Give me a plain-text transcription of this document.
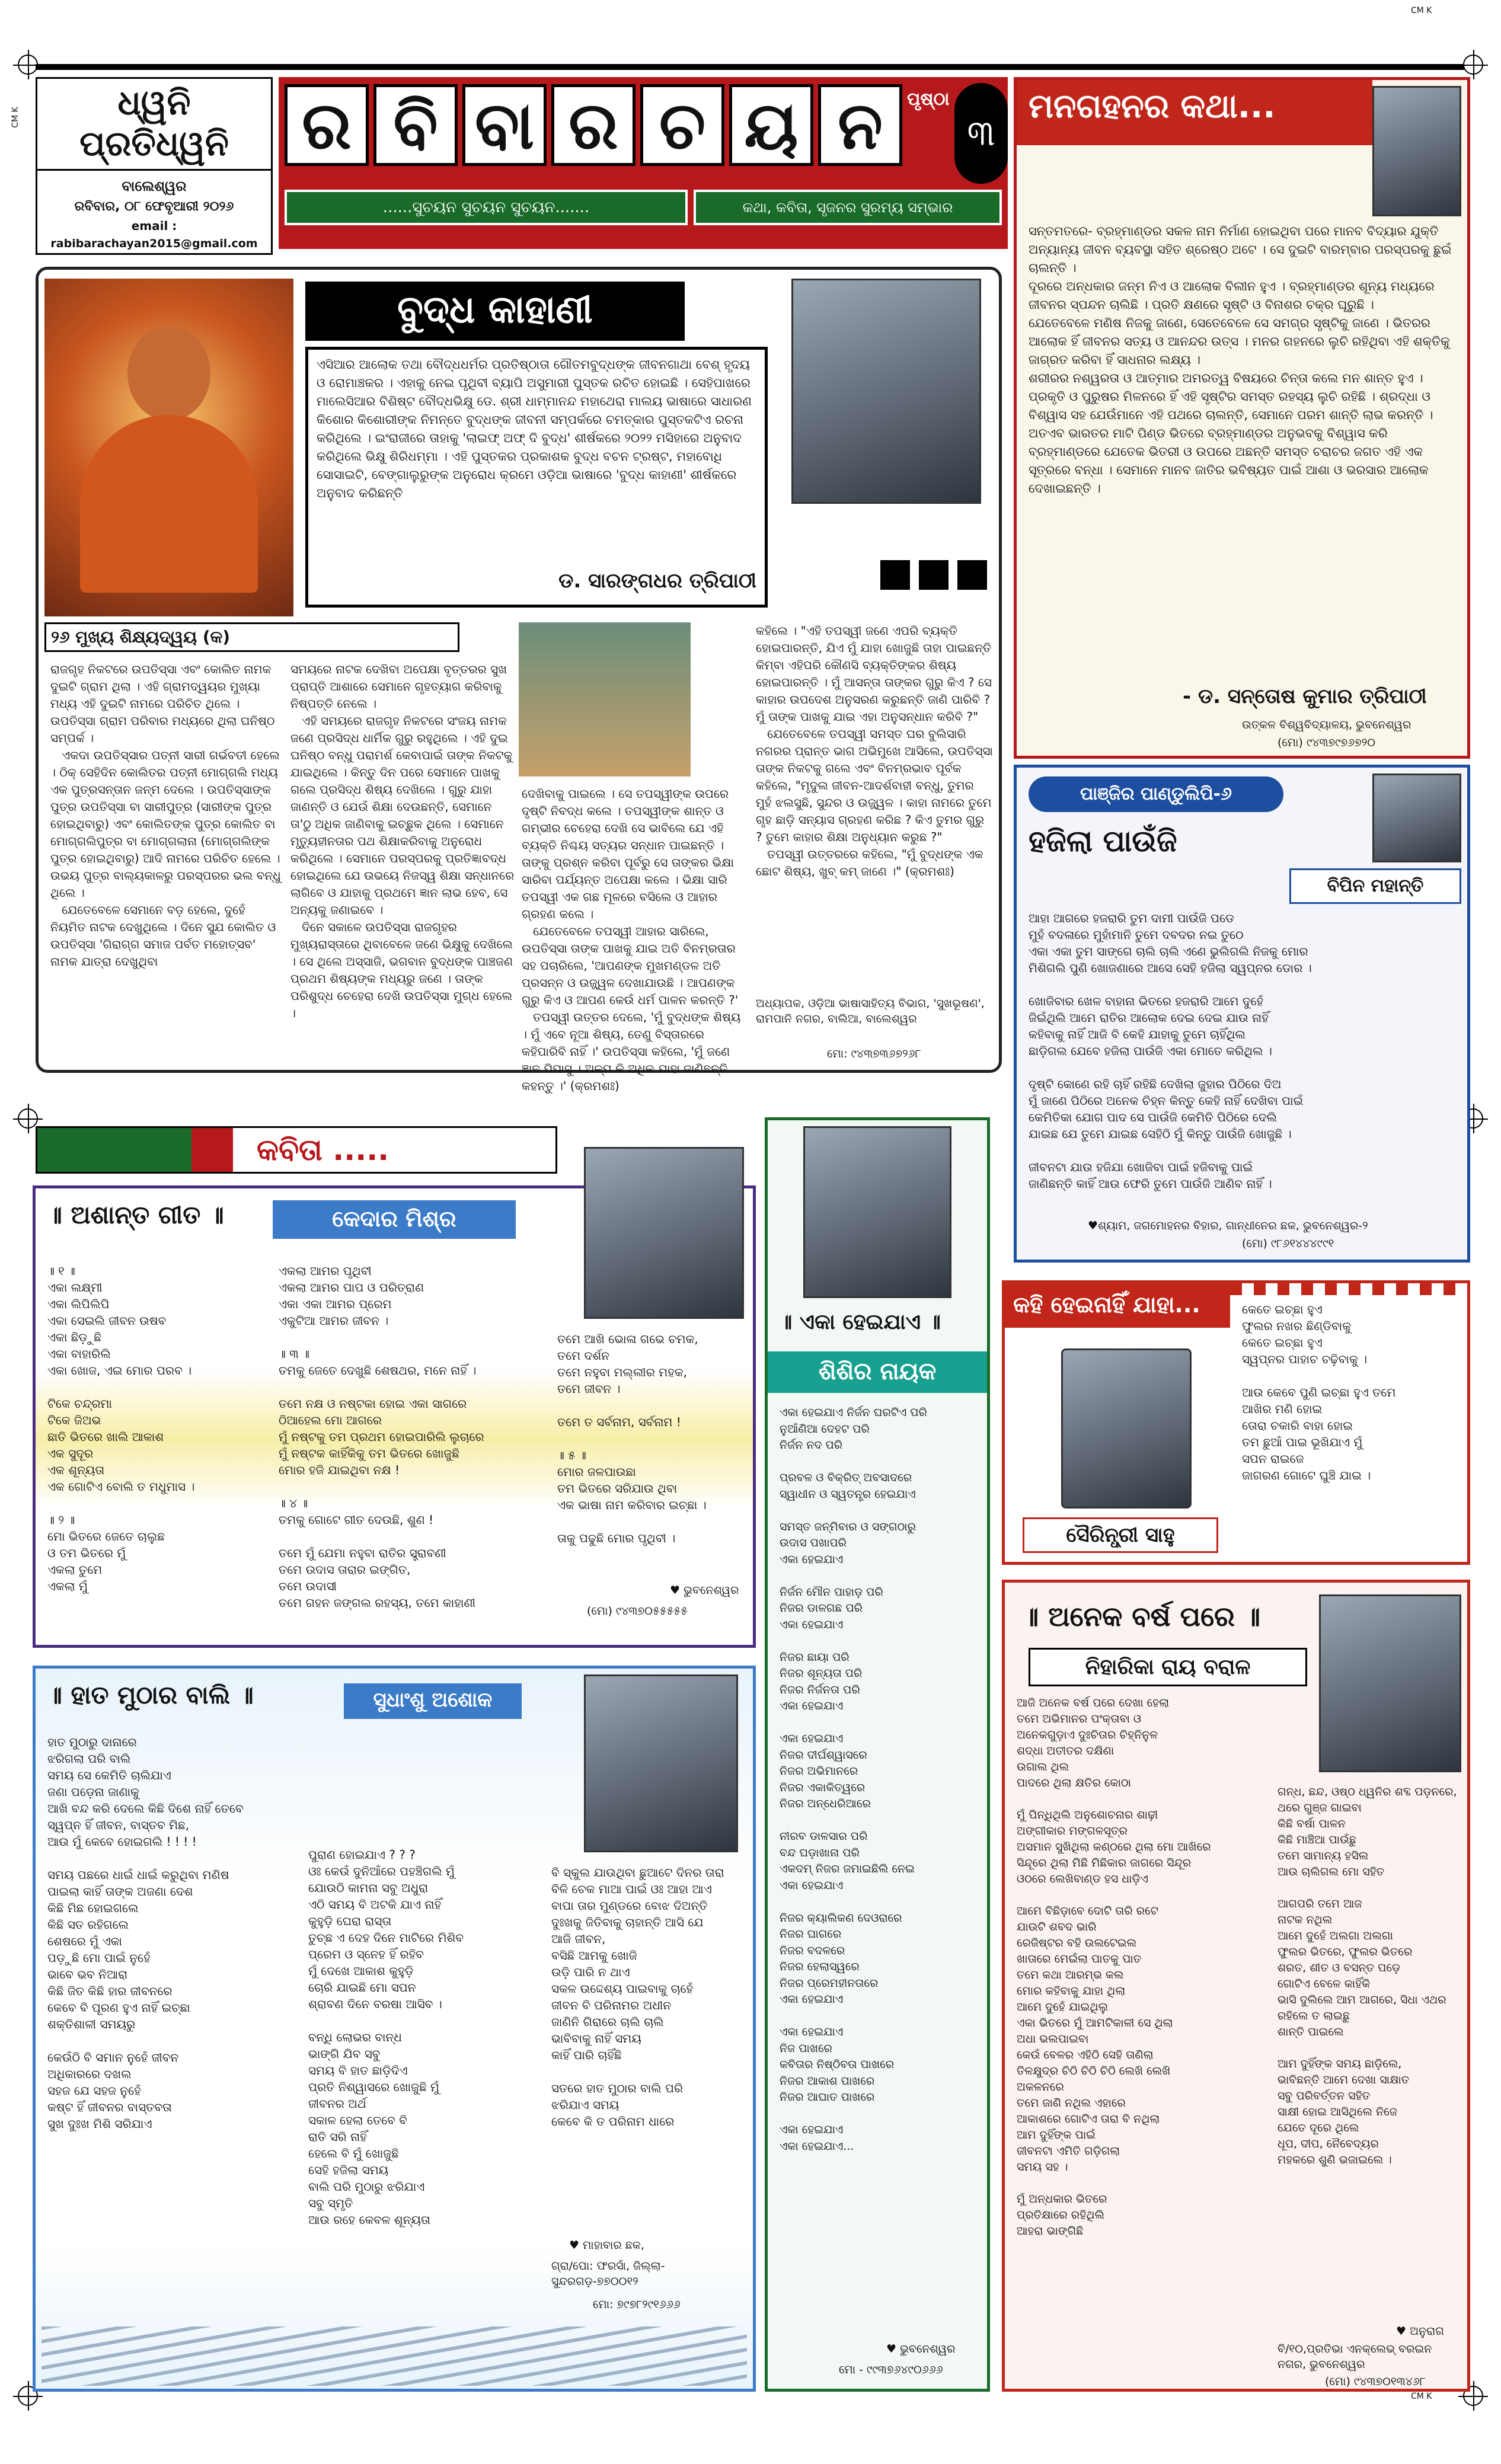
CM K
CM K
CM K
ଧ୍ୱନି ପ୍ରତିଧ୍ୱନି
ବାଲେଶ୍ୱର
ରବିବାର, ୦୮ ଫେବୃଆରୀ ୨୦୨୬
email :
rabibarachayan2015@gmail.com
ର ବି ବା ର ଚ ୟ ନ
......ସୁଚୟନ ସୁଚୟନ ସୁଚୟନ.......	କଥା, କବିତା, ସୃଜନର ସୁରମ୍ୟ ସମ୍ଭାର
ପୃଷ୍ଠା
୩
ମନଗହନର କଥା...
ସନ୍ତମତରେ- ବ୍ରହ୍ମାଣ୍ଡର ସକଳ ନାମ ନିର୍ମାଣ ହୋଇଥିବା ପରେ ମାନବ ବିଦ୍ୟାର ଯୁକ୍ତି ଅନ୍ୟାନ୍ୟ ଜୀବନ ବ୍ୟବସ୍ଥା ସହିତ ଶ୍ରେଷ୍ଠ ଅଟେ । ସେ ଦୁଇଟି ବାରମ୍ବାର ପରସ୍ପରକୁ ଛୁଇଁ ଚାଲନ୍ତି ।
ଦୂରରେ ଅନ୍ଧକାର ଜନ୍ମ ନିଏ ଓ ଆଲୋକ ବିଲୀନ ହୁଏ । ବ୍ରହ୍ମାଣ୍ଡର ଶୂନ୍ୟ ମଧ୍ୟରେ ଜୀବନର ସ୍ପନ୍ଦନ ଚାଲିଛି । ପ୍ରତି କ୍ଷଣରେ ସୃଷ୍ଟି ଓ ବିନାଶର ଚକ୍ର ଘୂରୁଛି ।
ଯେତେବେଳେ ମଣିଷ ନିଜକୁ ଜାଣେ, ସେତେବେଳେ ସେ ସମଗ୍ର ସୃଷ୍ଟିକୁ ଜାଣେ । ଭିତରର ଆଲୋକ ହିଁ ଜୀବନର ସତ୍ୟ ଓ ଆନନ୍ଦର ଉତ୍ସ । ମନର ଗହନରେ ଲୁଚି ରହିଥିବା ଏହି ଶକ୍ତିକୁ ଜାଗ୍ରତ କରିବା ହିଁ ସାଧନାର ଲକ୍ଷ୍ୟ ।
ଶରୀରର ନଶ୍ୱରତା ଓ ଆତ୍ମାର ଅମରତ୍ୱ ବିଷୟରେ ଚିନ୍ତା କଲେ ମନ ଶାନ୍ତ ହୁଏ । ପ୍ରକୃତି ଓ ପୁରୁଷର ମିଳନରେ ହିଁ ଏହି ସୃଷ୍ଟିର ସମସ୍ତ ରହସ୍ୟ ଲୁଚି ରହିଛି । ଶ୍ରଦ୍ଧା ଓ ବିଶ୍ୱାସ ସହ ଯେଉଁମାନେ ଏହି ପଥରେ ଚାଲନ୍ତି, ସେମାନେ ପରମ ଶାନ୍ତି ଲାଭ କରନ୍ତି ।
ଅତଏବ ଭାରତର ମାଟି ପିଣ୍ଡ ଭିତରେ ବ୍ରହ୍ମାଣ୍ଡର ଅନୁଭବକୁ ବିଶ୍ୱାସ କରି ବ୍ରହ୍ମାଣ୍ଡରେ ଯେତେକ ଭିତରୀ ଓ ଉପରେ ଅଛନ୍ତି ସମସ୍ତ ଚରାଚର ଜଗତ ଏହି ଏକ ସୂତ୍ରରେ ବନ୍ଧା । ସେମାନେ ମାନବ ଜାତିର ଭବିଷ୍ୟତ ପାଇଁ ଆଶା ଓ ଭରସାର ଆଲୋକ ଦେଖାଇଛନ୍ତି ।
- ଡ. ସନ୍ତୋଷ କୁମାର ତ୍ରିପାଠୀ
ଉତ୍କଳ ବିଶ୍ୱବିଦ୍ୟାଳୟ, ଭୁବନେଶ୍ୱର
(ମୋ) ୯୪୩୭୯୭୬୭୨୦
ବୁଦ୍ଧ କାହାଣୀ
ଏସିଆର ଆଲୋକ ତଥା ବୌଦ୍ଧଧର୍ମର ପ୍ରତିଷ୍ଠାତା ଗୌତମବୁଦ୍ଧଙ୍କ ଜୀବନଗାଥା ବେଶ୍ ହୃଦୟ ଓ ରୋମାଞ୍ଚକର । ଏହାକୁ ନେଇ ପୃଥିବୀ ବ୍ୟାପି ଅସୁମାରୀ ପୁସ୍ତକ ରଚିତ ହୋଇଛି । ସେହିପାଖରେ ମାଲେସିଆର ବିଶିଷ୍ଟ ବୌଦ୍ଧଭିକ୍ଷୁ ଡେ. ଶ୍ରୀ ଧାମ୍ମାନନ୍ଦ ମହାଥେରା ମାଲୟ ଭାଷାରେ ସାଧାରଣ କିଶୋର କିଶୋରୀଙ୍କ ନିମନ୍ତେ ବୁଦ୍ଧଙ୍କ ଜୀବନୀ ସମ୍ପର୍କରେ ଚମତ୍କାର ପୁସ୍ତକଟିଏ ରଚନା କରିଥିଲେ । ଇଂରାଜୀରେ ତାହାକୁ 'ଲାଇଫ୍ ଅଫ୍ ଦି ବୁଦ୍ଧ' ଶୀର୍ଷକରେ ୨୦୨୨ ମସିହାରେ ଅନୁବାଦ କରିଥିଲେ ଭିକ୍ଷୁ ଶିରିଧମ୍ମା । ଏହି ପୁସ୍ତକର ପ୍ରକାଶକ ବୁଦ୍ଧ ବଚନ ଟ୍ରଷ୍ଟ, ମହାବୋଧି ସୋସାଇଟି, ବେଙ୍ଗାଲୁରୁଙ୍କ ଅନୁରୋଧ କ୍ରମେ ଓଡ଼ିଆ ଭାଷାରେ 'ବୁଦ୍ଧ କାହାଣୀ' ଶୀର୍ଷକରେ ଅନୁବାଦ କରିଛନ୍ତି
ଡ. ସାରଙ୍ଗଧର ତ୍ରିପାଠୀ
୨୬ ମୁଖ୍ୟ ଶିକ୍ଷ୍ୟଦ୍ୱୟ (କ)
ରାଜଗୃହ ନିକଟରେ ଉପତିସ୍ସା ଏବଂ କୋଲିତ ନାମକ ଦୁଇଟି ଗ୍ରାମ ଥିଲା । ଏହି ଗ୍ରାମଦ୍ୱୟର ମୁଖ୍ୟା ମଧ୍ୟ ଏହି ଦୁଇଟି ନାମରେ ପରିଚିତ ଥିଲେ । ଉପତିସ୍ସା ଗ୍ରାମ ପରିବାର ମଧ୍ୟରେ ଥିଲା ଘନିଷ୍ଠ ସମ୍ପର୍କ ।
ଏକଦା ଉପତିସ୍ସାର ପତ୍ନୀ ସାରୀ ଗର୍ଭବତୀ ହେଲେ । ଠିକ୍ ସେହିଦିନ କୋଲିତର ପତ୍ନୀ ମୋଗ୍ଗଲି ମଧ୍ୟ ଏକ ପୁତ୍ରସନ୍ତାନ ଜନ୍ମ ଦେଲେ । ଉପତିସ୍ସାଙ୍କ ପୁତ୍ର ଉପତିସ୍ସା ବା ସାରୀପୁତ୍ର (ସାରୀଙ୍କ ପୁତ୍ର ହୋଇଥିବାରୁ) ଏବଂ କୋଲିତଙ୍କ ପୁତ୍ର କୋଲିତ ବା ମୋଗ୍ଗଲିପୁତ୍ର ବା ମୋଗ୍ଗଲାନା (ମୋଗ୍ଗଲିଙ୍କ ପୁତ୍ର ହୋଇଥିବାରୁ) ଆଦି ନାମରେ ପରିଚିତ ହେଲେ । ଉଭୟ ପୁତ୍ର ବାଲ୍ୟକାଳରୁ ପରସ୍ପରର ଭଲ ବନ୍ଧୁ ଥିଲେ ।
ଯେତେବେଳେ ସେମାନେ ବଡ଼ ହେଲେ, ଦୁହେଁ ନିୟମିତ ନାଟକ ଦେଖୁଥିଲେ । ଦିନେ ସୁଯ କୋଲିତ ଓ ଉପତିସ୍ସା 'ଗିରାଗ୍ଗ ସମାଜ ପର୍ବତ ମହୋତ୍ସବ' ନାମକ ଯାତ୍ରା ଦେଖୁଥିବା
ସମୟରେ ନାଟକ ଦେଖିବା ଅପେକ୍ଷା ବୃତ୍ତରର ସୁଖ ପ୍ରାପ୍ତି ଆଶାରେ ସେମାନେ ଗୃହତ୍ୟାଗ କରିବାକୁ ନିଷ୍ପତ୍ତି ନେଲେ ।
ଏହି ସମୟରେ ରାଜଗୃହ ନିକଟରେ ସଂଜୟ ନାମକ ଜଣେ ପ୍ରସିଦ୍ଧ ଧାର୍ମିକ ଗୁରୁ ରହୁଥିଲେ । ଏହି ଦୁଇ ଘନିଷ୍ଠ ବନ୍ଧୁ ପରାମର୍ଶ କେବାପାଇଁ ତାଙ୍କ ନିକଟକୁ ଯାଇଥିଲେ । କିନ୍ତୁ ଦିନ ପରେ ସେମାନେ ପାଖକୁ ଗଲେ ପ୍ରସିଦ୍ଧ ଶିଷ୍ୟ ଦେଖିଲେ । ଗୁରୁ ଯାହା ଜାଣନ୍ତି ଓ ଯେଉଁ ଶିକ୍ଷା ଦେଉଛନ୍ତି, ସେମାନେ ତା'ଠୁ ଅଧିକ ଜାଣିବାକୁ ଇଚ୍ଛୁକ ଥିଲେ । ସେମାନେ ମୃତ୍ୟୁହୀନତାର ପଥ ଶିକ୍ଷାକରିବାକୁ ଅନୁରୋଧ କରିଥିଲେ । ସେମାନେ ପରସ୍ପରକୁ ପ୍ରତିଜ୍ଞାବଦ୍ଧ ହୋଇଥିଲେ ଯେ ଉଭୟେ ନିଜସ୍ୱ ଶିକ୍ଷା ସନ୍ଧାନରେ ଲାଗିବେ ଓ ଯାହାକୁ ପ୍ରଥମେ ଜ୍ଞାନ ଲାଭ ହେବ, ସେ ଅନ୍ୟକୁ ଜଣାଇବେ ।
ଦିନେ ସକାଳେ ଉପତିସ୍ସା ରାଜଗୃହର ମୁଖ୍ୟରାସ୍ତାରେ ଥିବାବେଳେ ଜଣେ ଭିକ୍ଷୁକୁ ଦେଖିଲେ । ସେ ଥିଲେ ଅସ୍ସାଜି, ଭଗବାନ ବୁଦ୍ଧଙ୍କ ପାଞ୍ଚଜଣ ପ୍ରଥମ ଶିଷ୍ୟଙ୍କ ମଧ୍ୟରୁ ଜଣେ । ତାଙ୍କ ପରିଶୁଦ୍ଧ ଚେହେରା ଦେଖି ଉପତିସ୍ସା ମୁଗ୍ଧ ହେଲେ ।
ଦେଖିବାକୁ ପାଇଲେ । ସେ ତପସ୍ୱୀଙ୍କ ଉପରେ ଦୃଷ୍ଟି ନିବଦ୍ଧ କଲେ । ତପସ୍ୱୀଙ୍କ ଶାନ୍ତ ଓ ଗମ୍ଭୀର ଚେହେରା ଦେଖି ସେ ଭାବିଲେ ଯେ ଏହି ବ୍ୟକ୍ତି ନିଶ୍ଚୟ ସତ୍ୟର ସନ୍ଧାନ ପାଇଛନ୍ତି । ତାଙ୍କୁ ପ୍ରଶ୍ନ କରିବା ପୂର୍ବରୁ ସେ ତାଙ୍କର ଭିକ୍ଷା ସାରିବା ପର୍ଯ୍ୟନ୍ତ ଅପେକ୍ଷା କଲେ । ଭିକ୍ଷା ସାରି ତପସ୍ୱୀ ଏକ ଗଛ ମୂଳରେ ବସିଲେ ଓ ଆହାର ଗ୍ରହଣ କଲେ ।
ଯେତେବେଳେ ତପସ୍ୱୀ ଆହାର ସାରିଲେ, ଉପତିସ୍ସା ତାଙ୍କ ପାଖକୁ ଯାଇ ଅତି ବିନମ୍ରତାର ସହ ପଚାରିଲେ, 'ଆପଣଙ୍କ ମୁଖମଣ୍ଡଳ ଅତି ପ୍ରସନ୍ନ ଓ ଉଜ୍ଜ୍ୱଳ ଦେଖାଯାଉଛି । ଆପଣଙ୍କ ଗୁରୁ କିଏ ଓ ଆପଣ କେଉଁ ଧର୍ମ ପାଳନ କରନ୍ତି ?'
ତପସ୍ୱୀ ଉତ୍ତର ଦେଲେ, 'ମୁଁ ବୁଦ୍ଧଙ୍କ ଶିଷ୍ୟ । ମୁଁ ଏବେ ନୂଆ ଶିଷ୍ୟ, ତେଣୁ ବିସ୍ତାରରେ କହିପାରିବି ନାହିଁ ।' ଉପତିସ୍ସା କହିଲେ, 'ମୁଁ ଜଣେ ଜ୍ଞାନ ପିପାସୁ । ଅଳ୍ପ କି ଅଧିକ ଯାହା ଜାଣିଛନ୍ତି କହନ୍ତୁ ।' (କ୍ରମଶଃ)
କହିଲେ । "ଏହି ତପସ୍ୱୀ ଜଣେ ଏପରି ବ୍ୟକ୍ତି ହୋଇପାରନ୍ତି, ଯିଏ ମୁଁ ଯାହା ଖୋଜୁଛି ତାହା ପାଇଛନ୍ତି କିମ୍ବା ଏହିପରି କୌଣସି ବ୍ୟକ୍ତିଙ୍କର ଶିଷ୍ୟ ହୋଇପାରନ୍ତି । ମୁଁ ଆସନ୍ତା ତାଙ୍କର ଗୁରୁ କିଏ ? ସେ କାହାର ଉପଦେଶ ଅନୁସରଣ କରୁଛନ୍ତି ଜାଣି ପାରିବି ? ମୁଁ ତାଙ୍କ ପାଖକୁ ଯାଇ ଏହା ଅନୁସନ୍ଧାନ କରିବି ?"
ଯେତେବେଳେ ତପସ୍ୱୀ ସମସ୍ତ ଘର ବୁଲିସାରି ନଗରର ପ୍ରାନ୍ତ ଭାଗ ଅଭିମୁଖେ ଆସିଲେ, ଉପତିସ୍ସା ତାଙ୍କ ନିକଟକୁ ଗଲେ ଏବଂ ବିନମ୍ରଭାବ ପୂର୍ବକ କହିଲେ, "ମୃଦୁଲ ଜୀବନ-ଆଦର୍ଶବାହୀ ବନ୍ଧୁ, ତୁମର ମୁହଁ ଝଲସୁଛି, ସୁନ୍ଦର ଓ ଉଜ୍ଜ୍ୱଳ । କାହା ନାମରେ ତୁମେ ଗୃହ ଛାଡ଼ି ସନ୍ୟାସ ଗ୍ରହଣ କରିଛ ? କିଏ ତୁମର ଗୁରୁ ? ତୁମେ କାହାର ଶିକ୍ଷା ଅନୁଧ୍ୟାନ କରୁଛ ?"
ତପସ୍ୱୀ ଉତ୍ତରରେ କହିଲେ, "ମୁଁ ବୁଦ୍ଧଙ୍କ ଏକ ଛୋଟ ଶିଷ୍ୟ, ଖୁବ୍ କମ୍ ଜାଣେ ।" (କ୍ରମଶଃ)
ଅଧ୍ୟାପକ, ଓଡ଼ିଆ ଭାଷାସାହିତ୍ୟ ବିଭାଗ, 'ସୁଖଭୂଷଣ', ରାମପାନି ନଗର, ବାଲିଆ, ବାଲେଶ୍ୱର
ମୋ: ୯୪୩୭୩୬୭୨୬୮
ପାଞ୍ଜିର ପାଣ୍ଡୁଲିପି-୬
ହଜିଲା ପାଉଁଜି
ବିପିନ ମହାନ୍ତି
ଆହା ଆଗରେ ହଜରାରି ତୁମ ଦାମୀ ପାଉଁଜି ପଡେ
ମୁହଁ ବଦଳାରେ ମୁହାଁମାନି ତୁମେ ଦବଦର ନଇ ତୁଠେ
ଏକା ଏକା ତୁମ ସାଙ୍ଗେ ଚାଲି ଚାଲି ଏଣେ ଭୁଲିଗଲି ନିଜକୁ ମୋର
ମିଶିଗଲି ପୁଣି ଖୋଜଣାରେ ଆସେ ସେହି ହଜିଲା ସ୍ୱପ୍ନର ଡୋର ।

ଖୋଜିବାର ଖେଳ ବାହାନା ଭିତରେ ହଜରାରି ଆମେ ଦୁହେଁ
ଜିଇଁଥିଲି ଆମେ ରାତିର ଆଲୋକ ଦେଇ ଦେଇ ଯାଉ ନାହିଁ
କହିବାକୁ ନାହିଁ ଆଜି ବି କେହି ଯାହାକୁ ତୁମେ ଚାହିଁଥିଲ
ଛାଡ଼ିଗଲ ଯେବେ ହଜିଲା ପାଉଁଜି ଏକା ମୋତେ କରିଥିଲ ।

ଦୃଷ୍ଟି କୋଣେ ରହି ଚାହିଁ ରହିଛି ଦେଖିଲା ଜୁହାର ପିଠିରେ ଦିଅ
ମୁଁ ଜାଣେ ପିଠିରେ ଅନେକ ଚିହ୍ନ କିନ୍ତୁ କେହି ନାହିଁ ଦେଖିବା ପାଇଁ
କେମିତିକା ଯୋଗ ପାଦ ସେ ପାଉଁଜି କେମିତି ପିଠିରେ ଦେଲି
ଯାଇଛ ଯେ ତୁମେ ଯାଇଛ ସେହିଠି ମୁଁ କିନ୍ତୁ ପାଉଁଜି ଖୋଜୁଛି ।

ଜୀବନଟା ଯାଉ ହଜିଯା ଖୋଜିବା ପାଇଁ ହଜିବାକୁ ପାଇଁ
ଜାଣିଛନ୍ତି କାହିଁ ଆଉ ଫେରି ତୁମେ ପାଉଁଜି ଆଣିବ ନାହିଁ ।
♥ଶ୍ୟାମ, ଜଗମୋହନର ବିହାର, ଗାନ୍ଧୀନେର ଛକ, ଭୁବନେଶ୍ୱର-୨
(ମୋ) ୯୮୬୧୪୪୪୯୯୧
କବିତା .....
॥ ଅଶାନ୍ତ ଗୀତ ॥	କେଦାର ମିଶ୍ର
॥ ୧ ॥
ଏକା ଲକ୍ଷ୍ମୀ
ଏକା ଲିପିଲିପି
ଏକା ସେଇଲି ଜୀବନ ଉଷବ
ଏକା ଛିଡ଼ୁଛି
ଏକା ବାହାରିଲି
ଏକା ଖୋଜ, ଏଇ ମୋର ପରବ ।

ଟିକେ ଚନ୍ଦ୍ରମା
ଟିକେ ଜିଅଭ
ଛାତି ଭିତରେ ଖାଲି ଆକାଶ
ଏକ ସୁଦୂର
ଏକ ଶୂନ୍ୟତା
ଏକ ଗୋଟିଏ ବୋଲି ତ ମଧୁମାସ ।

॥ ୨ ॥
ମୋ ଭିତରେ ଜେତେ ଚାଲୁଛ
ଓ ତମ ଭିତରେ ମୁଁ
ଏକଲା ତୁମେ
ଏକଲା ମୁଁ
ଏକଲା ଆମର ପୃଥିବୀ
ଏକଲା ଆମର ପାପ ଓ ପରିତ୍ରାଣ
ଏକା ଏକା ଆମର ପ୍ରେମ
ଏକୁଟିଆ ଆମର ଜୀବନ ।

॥ ୩ ॥
ତମକୁ ଜେତେ ଦେଖୁଛି ଶେଷଥର, ମନେ ନାହିଁ ।

ତମେ ନକ୍ଷ ଓ ନଷ୍ଟକା ହୋଇ ଏକା ସାଗରେ
ଠିଆହେଲ ମୋ ଆଗରେ
ମୁଁ ନଷ୍ଟକୁ ତମ ପ୍ରଥମ ହୋଇପାରିଲି ଲୁଚାରେ
ମୁଁ ନଷ୍ଟକ କାହିଁକିକୁ ତମ ଭିତରେ ଖୋଜୁଛି
ମୋର ହଜି ଯାଇଥିବା ନକ୍ଷ !

॥ ୪ ॥
ତମକୁ ଗୋଟେ ଗୀତ ଦେଉଛି, ଶୁଣ !

ତମେ ମୁଁ ଯେମା ନହୁବା ରାତିର ସ୍ତ୍ରାବଣୀ
ତମେ ଉଦାସ ତାରାର ଇଙ୍ଗିତ,
ତମେ ଉଦାସୀ
ତମେ ଗହନ ଜଙ୍ଗଲ ରହସ୍ୟ, ତମେ କାହାଣୀ
ତମେ ଆଖି ଭୋଳା ଗଭେ ଚମକ,
ତମେ ଦର୍ଶନ
ତମେ ନହୁବା ମଲ୍ଲୀର ମହକ,
ତମେ ଜୀବନ ।

ତମେ ତ ସର୍ବନାମ, ସର୍ବନାମ !

॥ ୫ ॥
ମୋର ଜଳପାଉଛା
ତମ ଭିତରେ ସରିଯାଉ ଥିବା
ଏକ ଭାଷା ନାମ କରିବାର ଇଚ୍ଛା ।

ତାକୁ ପଢୁଛି ମୋର ପୃଥିବୀ ।
♥ ଭୁବନେଶ୍ୱର
(ମୋ) ୯୪୩୭୦୫୫୫୫୫
॥ ଏକା ହେଇଯାଏ ॥
ଶିଶିର ନାୟକ
ଏକା ହେଇଯାଏ ନିର୍ଜନ ଘରଟିଏ ପରି
ନୁଆଁଣିଆ ଦେହଟ ପରି
ନିର୍ଜନ ନଦ ପରି

ପ୍ରବଳ ଓ ବିକ୍ରିତ୍ ଅବସାଦରେ
ସ୍ୱାଧୀନ ଓ ସ୍ୱତନ୍ତ୍ର ହେଇଯାଏ

ସମସ୍ତ ଜନ୍ମିବାର ଓ ସଙ୍ଗଠାରୁ
ଉଦାସ ପଖାପରି
ଏକା ହେଇଯାଏ

ନିର୍ଜନ ମୌନ ପାହାଡ଼ ପରି
ନିଜର ଡାଳଗଛ ପରି
ଏକା ହେଇଯାଏ

ନିଜର ଛାୟା ପରି
ନିଜର ଶୂନ୍ୟତା ପରି
ନିଜର ନିର୍ଜନତା ପରି
ଏକା ହେଇଯାଏ

ଏକା ହେଇଯାଏ
ନିଜର ଦୀର୍ଘଶ୍ୱାସରେ
ନିଜର ଅଭିମାନରେ
ନିଜର ଏକାକିତ୍ୱରେ
ନିଜର ଅନ୍ଧେରିଆରେ

ନୀରବ ଡାଳସାର ପରି
ବନ୍ଦ ଘଡ଼ାଖାନା ପରି
ଏକଦମ୍ ନିଜର ଜମାଇଛିଲି ନେଇ
ଏକା ହେଇଯାଏ

ନିଜର କ୍ୟାଲିକଣ ଦେଓରାରେ
ନିଜର ଘାଗରେ
ନିଜର ବଦଳରେ
ନିଜର ହେଲାସ୍ୱରେ
ନିଜର ପ୍ରେମହୀନତାରେ
ଏକା ହେଇଯାଏ

ଏକା ହେଇଯାଏ
ନିଜ ପାଖରେ
କବିତାର ନିଷ୍ଠିବତା ପାଖରେ
ନିଜର ଆକାଶ ପାଖରେ
ନିଜର ଆଘାତ ପାଖରେ

ଏକା ହେଇଯାଏ
ଏକା ହେଇଯାଏ...
♥ ଭୁବନେଶ୍ୱର
ମୋ - ୯୯୩୭୬୪୯୦୬୬୬
॥ ହାତ ମୁଠାର ବାଲି ॥	ସୁଧାଂଶୁ ଅଶୋକ
ହାତ ମୁଠାରୁ ଦାନାରେ
ଝରିଗଲା ପରି ବାଲି
ସମୟ ସେ କେମିତି ଚାଲିଯାଏ
ଜଣା ପଡ଼େନା ଜାଣାକୁ
ଆଖି ବନ୍ଦ କରି ଦେଲେ କିଛି ଦିଶେ ନାହିଁ ତେବେ
ସ୍ୱପ୍ନ ହିଁ ଜୀବନ, ବାସ୍ତବ ମିଛ,
ଆଉ ମୁଁ କେବେ ହୋଇଗଲି ! ! ! !

ସମୟ ପଛରେ ଧାଇଁ ଧାଇଁ କରୁଥିବା ମଣିଷ
ପାଇଲା କାହିଁ ତାଙ୍କ ଅଜଣା ଦେଶ
କିଛି ମିଛ ହୋଇଗଲେ
କିଛି ସତ ରହିଗଲେ
ଶେଷରେ ମୁଁ ଏକା
ପଡ଼ୁଛି ମୋ ପାଇଁ ନୁହେଁ
ଭାବେ ଭବ ନିଆରା
କିଛି ଜିତ କିଛି ହାର ଜୀବନରେ
କେବେ ବି ପୂରଣ ହୁଏ ନାହିଁ ଇଚ୍ଛା
ଶକ୍ତିଶାଳୀ ସମୟରୁ

କେଉଁଠି ବି ସମାନ ନୁହେଁ ଜୀବନ
ଅଧିକାରରେ ଦଖଲ
ସହଜ ଯେ ସହଜ ନୁହେଁ
କଷ୍ଟ ହିଁ ଜୀବନର ବାସ୍ତବତା
ସୁଖ ଦୁଃଖ ମିଶି ସରିଯାଏ
ପୁରାଣ ହୋଇଯାଏ ? ? ?
ଓଃ କେଉଁ ଦୁନିଆଁରେ ପହଞ୍ଚିଗଲି ମୁଁ
ଯୋଉଠି କାମନା ସବୁ ଅଧୁରା
ଏଠି ସମୟ ବି ଅଟକି ଯାଏ ନାହିଁ
କୁହୁଡ଼ି ଘେରା ରାସ୍ତା
ତୁଚ୍ଛ ଏ ଦେହ ଦିନେ ମାଟିରେ ମିଶିବ
ପ୍ରେମ ଓ ସ୍ନେହ ହିଁ ରହିବ
ମୁଁ ଦେଖେ ଆକାଶ କୁହୁଡ଼ି
ଚୋରି ଯାଇଛି ମୋ ସପନ
ଶ୍ରାବଣ ଦିନେ ବରଷା ଆସିବ ।

ବନ୍ଧି ଲୋଭର ବାନ୍ଧ
ଭାଙ୍ଗି ଯିବ ସବୁ
ସମୟ ବି ହାତ ଛାଡ଼ିଦିଏ
ପ୍ରତି ନିଶ୍ୱାସରେ ଖୋଜୁଛି ମୁଁ
ଜୀବନର ଅର୍ଥ
ସକାଳ ହେଲା ତେବେ ବି
ରାତି ସରି ନାହିଁ
ହେଲେ ବି ମୁଁ ଖୋଜୁଛି
ସେହି ହଜିଲା ସମୟ
ବାଲି ପରି ମୁଠାରୁ ଝରିଯାଏ
ସବୁ ସ୍ମୃତି
ଆଉ ରହେ କେବଳ ଶୂନ୍ୟତା
ବି ସ୍କୁଲ ଯାଉଥିବା ଛୁଆଟେ ଦିନର ତାରା
ବିଳି ଚେକ ମାଆ ପାଇଁ ଓଃ ଆହା ଆଏ
ବାପା ତାର ମୁଣ୍ଡରେ ବୋଝ ଦିଅନ୍ତି
ଦୁଃଖକୁ ଜିତିବାକୁ ଚାହାନ୍ତି ଆସି ଯେ
ଆଜି ଜୀବନ,
ବସିଛି ଆମକୁ ଖୋଜି
ଉଡ଼ି ପାରି ନ ଥାଏ
ସକଳ ଉଦ୍ଦେଶ୍ୟ ପାଇବାକୁ ଚାହେଁ
ଜୀବନ ବି ପରିନାମର ଅଧୀନ
ଜାଣିନି ଗିରାରେ ଚାଲି ଚାଲି
ଭାବିବାକୁ ନାହିଁ ସମୟ
କାହିଁ ପାରି ଚାହିଁଛି

ସତରେ ହାତ ମୁଠାର ବାଲି ପରି
ଝରିଯାଏ ସମୟ
କେବେ କି ତ ପରିନାମ ଧାରେ
♥ ମାହାବାର ଛକ,
ଗ୍ରା/ପୋ: ଫରସାଁ, ଜିଲ୍ଲା- ସୁନ୍ଦରଗଡ଼-୭୭୦୦୧୨
ମୋ: ୭୯୭୮୨୯୧୬୬୬
କହି ହେଇନାହିଁ ଯାହା...
ସୈରିନ୍ଧ୍ରୀ ସାହୁ
କେତେ ଇଚ୍ଛା ହୁଏ
ଫୁଲର ନଖର ଛିଣ୍ଡିବାକୁ
କେତେ ଇଚ୍ଛା ହୁଏ
ସ୍ୱପ୍ନର ପାହାଚ ଚଢ଼ିବାକୁ ।

ଆଉ କେବେ ପୁଣି ଇଚ୍ଛା ହୁଏ ତମେ
ଆଖିର ମଣି ହୋଇ
ତୋରା ଚକାରି ବାହା ହୋଇ
ତମ ଛୁଆଁ ପାଇ ଭୂଖିଯାଏ ମୁଁ
ସପନ ରାଇଜେ
ଜାଗରଣ ଗୋଟେ ଘୁଞ୍ଚି ଯାଇ ।
॥ ଅନେକ ବର୍ଷ ପରେ ॥
ନିହାରିକା ରାୟ ବରାଳ
ଆଜି ଅନେକ ବର୍ଷ ପରେ ଦେଖା ହେଲା
ତମେ ଅଭିମାନର ପଂକ୍ତାବା ଓ
ଅନେକଗୁଡ଼ାଏ ଦୁଃଚିତାର ଚିହ୍ନିନୁଳ
ଶଦ୍ଧା ଅତୀତର ଦକ୍ଷିଣା
ଉଗାଲ ଥିଲ
ପାଦରେ ଥିଲା କ୍ଷତିର କୋଠା

ମୁଁ ପିନ୍ଧିଥିଲି ଅନୁଶୋଚନାର ଶାଢ଼ୀ
ଅଙ୍ଗୀକାର ମଙ୍ଗଳସୂତ୍ର
ଅସମାନ ସୁଖିଥିଲା କଣ୍ଠରେ ଥିଲା ମୋ ଆଖିରେ
ସିନ୍ଦୂରେ ଥିଲା ମିଛି ମିଛିକାର ଜାଗରେ ସିନ୍ଦୂର
ଓଠରେ ଲେଖିବାଣ୍ଡ ହସ ଧାଡ଼ିଏ

ଆମେ ବିଛିଡ଼ାବେ ଦୋଟି ତାରି ରଟେ
ଯାଉଟି ଶବଦ ଭାରି
ରେଜିଷ୍ଟର ବହି ଉଲଟେଇଲ
ଖାତାରେ ମେଇଁଲା ପାତକୁ ପାତ
ତମେ କଥା ଆରମ୍ଭ କଲ
ମୋର କହିବାକୁ ଯାହା ଥିଲା
ଆମେ ଦୁହେଁ ଯାଇଥିଲୁ
ଏକା ଭିତରେ ମୁଁ ଆମଟିକାଳୀ ସେ ଥିଲା
ଅଧା ଭଲପାଇବା
କେଉଁ ବେଳର ଏହିଠି ସେହି ତାଣିଲା
ତିଳକ୍ଷୁଦ୍ର ଚିଠି ଚିଠି ଚିଠି ଲେଖି ଲେଖି
ଅକଳନରେ
ତମେ ଜାଣି ନଥିଲ ଏହାରେ
ଆକାଶରେ ଗୋଟିଏ ତାରା ବି ନଥିଲା
ଆମ ଦୁହିଁଙ୍କ ପାଇଁ
ଜୀବନଟା ଏମିତି ଗଡ଼ିଗଲା
ସମୟ ସହ ।

ମୁଁ ଅନ୍ଧକାର ଭିତରେ
ପ୍ରତିକ୍ଷାରେ ରହିଥିଲି
ଆହରା ଭାଙ୍ଗିଛି
ଗନ୍ଧ, ଛନ୍ଦ, ଓଷ୍ଠ ଧ୍ୱନିର ଶବ୍ଦ ପଡ଼ନରେ,
ଥରେ ଗୁଞ୍ଜ ଗାଇବା
କିଛି ବର୍ଷା ପାଳନ
କିଛି ମାଞ୍ଚିଆ ପାଉଁଛୁ
ତମେ ସାମାନ୍ୟ ହସିଲ
ଆଉ ଚାଲିଗଲ ମୋ ସହିତ

ଆଗପରି ତମେ ଆଜ
ନାଟକ ନଥିଲ
ଆମେ ଦୁହେଁ ଅଲଗା ଅଲଗା
ଫୁଲର ଭିତରେ, ଫୁଲର ଭିତରେ
ଶରତ, ଶୀତ ଓ ବସନ୍ତ ପଡ଼େ
ଗୋଟିଏ ବେଳେ କାହିଁକି
ଭାସି ଦୁଲିଲେ ଆମ ଆଗରେ, ସିଧା ଏଥର
ରହିଲେ ତ ଲାଇଛୁ
ଶାନ୍ତି ପାଇଲେ

ଆମ ଦୁହିଁଙ୍କ ସମୟ ଛାଡ଼ିଲେ,
ଭାବିଛନ୍ତି ଆମେ ଦେଖା ସାକ୍ଷାତ
ସବୁ ପରିବର୍ତ୍ତନ ସହିତ
ସାକ୍ଷୀ ହୋଇ ଆସିଥିଲେ ନିଜେ
ଯେତେ ଦୂରେ ଥିଲେ
ଧୂପ, ଦୀପ, ନୈବେଦ୍ୟର
ମହକରେ ଶୁଣି ଭଜାଇଲେ ।
♥ ଅନୁରାଗ
ବି/୧୦,ପ୍ରତିଭା ଏନକ୍ଲେଭ୍ ବରଇନ ନଗର, ଭୁବନେଶ୍ୱର
(ମୋ) ୯୪୩୭୦୧୩୪୬୮
